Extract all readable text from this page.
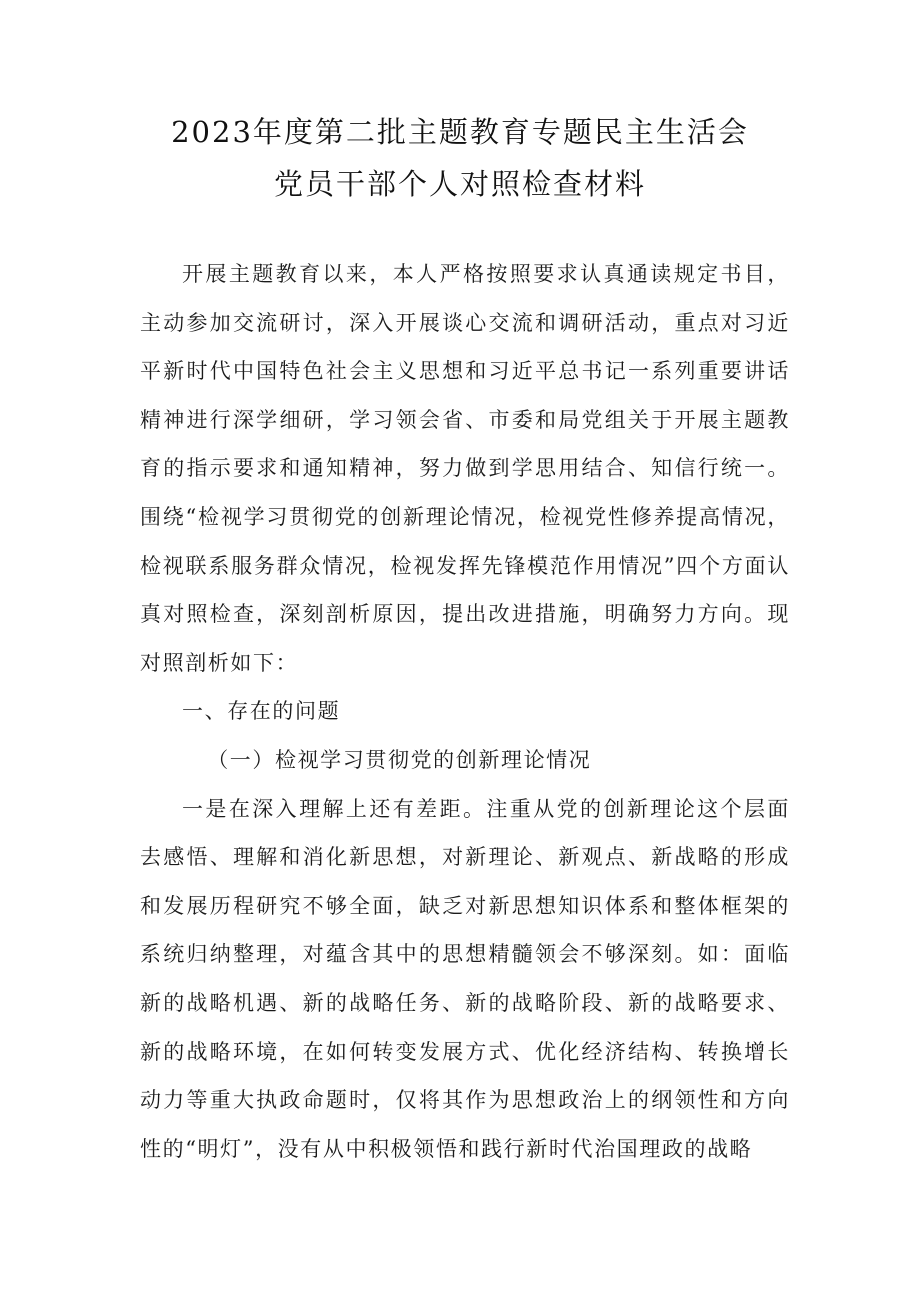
2023年度第二批主题教育专题民主生活会
党员干部个人对照检查材料

开展主题教育以来，本人严格按照要求认真通读规定书目，主动参加交流研讨，深入开展谈心交流和调研活动，重点对习近平新时代中国特色社会主义思想和习近平总书记一系列重要讲话精神进行深学细研，学习领会省、市委和局党组关于开展主题教育的指示要求和通知精神，努力做到学思用结合、知信行统一。围绕“检视学习贯彻党的创新理论情况，检视党性修养提高情况，检视联系服务群众情况，检视发挥先锋模范作用情况”四个方面认真对照检查，深刻剖析原因，提出改进措施，明确努力方向。现对照剖析如下：

一、存在的问题

（一）检视学习贯彻党的创新理论情况

一是在深入理解上还有差距。注重从党的创新理论这个层面去感悟、理解和消化新思想，对新理论、新观点、新战略的形成和发展历程研究不够全面，缺乏对新思想知识体系和整体框架的系统归纳整理，对蕴含其中的思想精髓领会不够深刻。如：面临新的战略机遇、新的战略任务、新的战略阶段、新的战略要求、新的战略环境，在如何转变发展方式、优化经济结构、转换增长动力等重大执政命题时，仅将其作为思想政治上的纲领性和方向性的“明灯”，没有从中积极领悟和践行新时代治国理政的战略
